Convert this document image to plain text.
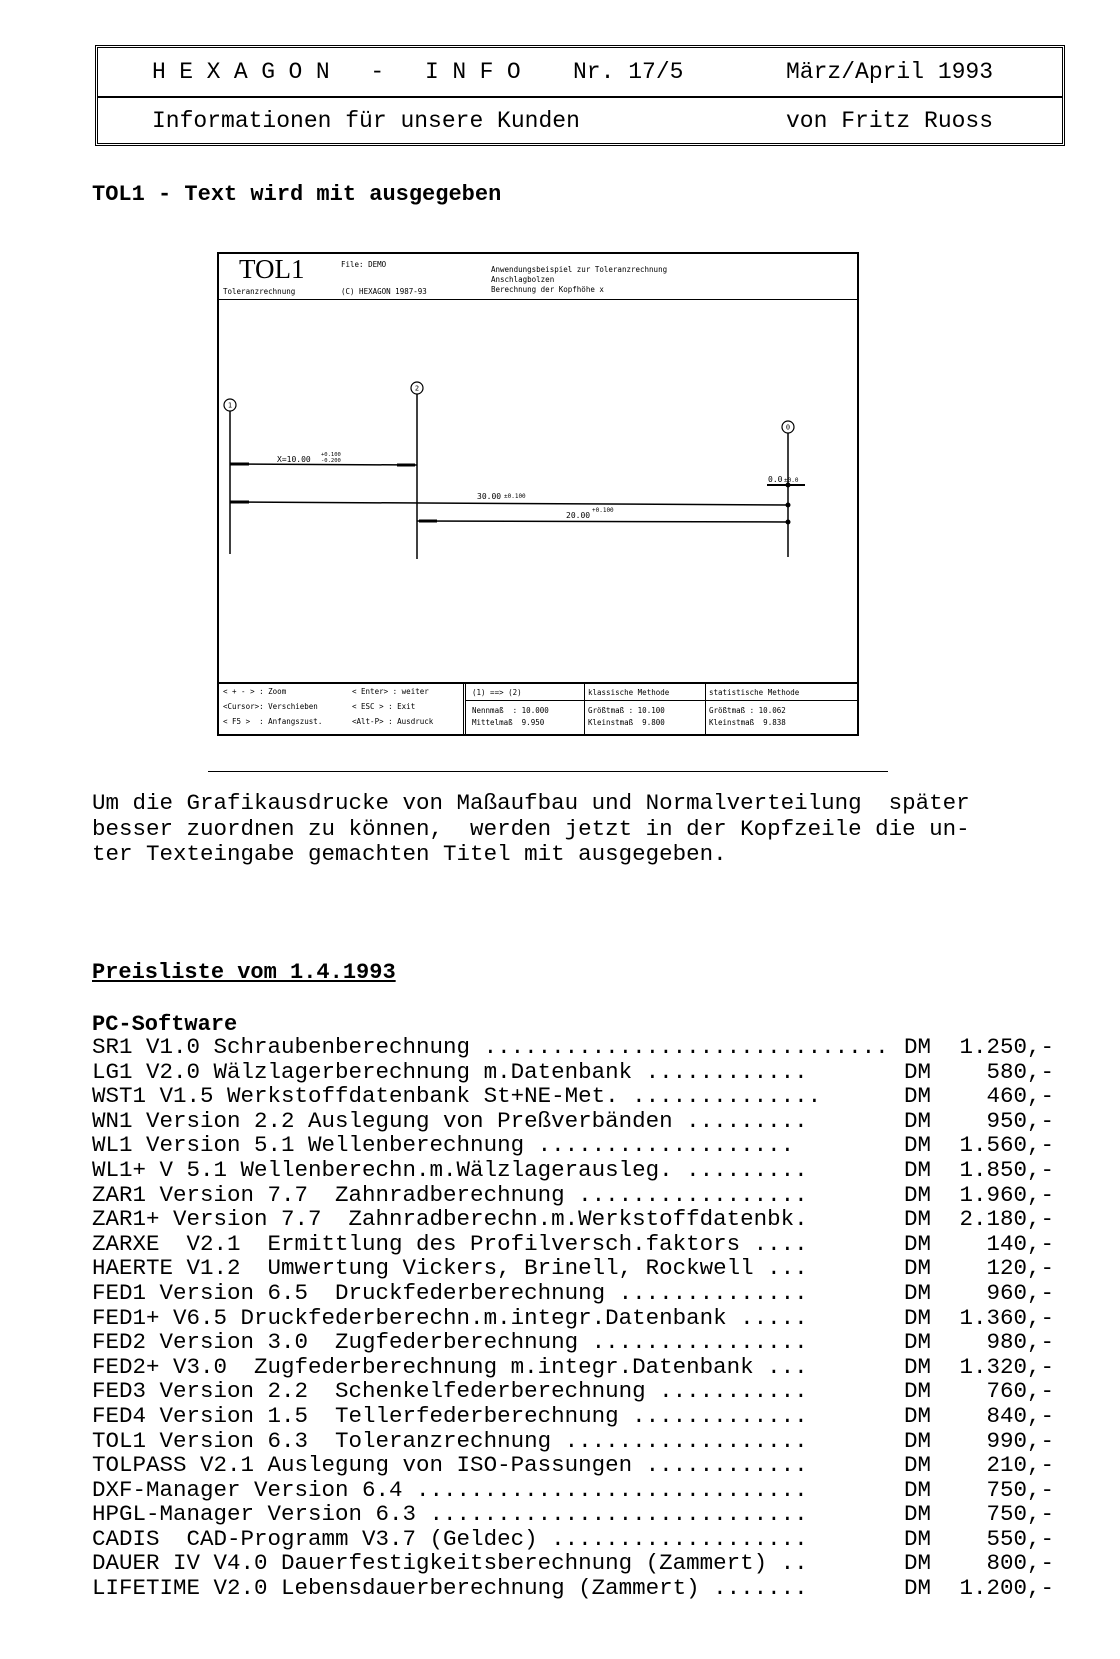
HEXAGON - INFO Nr. 17/5	März/April 1993
Informationen für unsere Kunden	von Fritz Ruoss
TOL1 - Text wird mit ausgegeben
TOL1
Toleranzrechnung
File: DEMO
(C) HEXAGON 1987-93
Anwendungsbeispiel zur Toleranzrechnung
Anschlagbolzen
Berechnung der Kopfhöhe x
1
2
0
X=10.00 +0.100
-0.200
30.00 ±0.100
20.00
+0.100
0.0 ±0.0
< + - > : Zoom	< Enter> : weiter
<Cursor>: Verschieben	< ESC > : Exit
< F5 >  : Anfangszust.	<Alt-P> : Ausdruck
(1) ==> (2)
Nennmaß  : 10.000
Mittelmaß  9.950
klassische Methode
Größtmaß : 10.100
Kleinstmaß  9.800
statistische Methode
Größtmaß : 10.062
Kleinstmaß  9.838
Um die Grafikausdrucke von Maßaufbau und Normalverteilung  später
besser zuordnen zu können,  werden jetzt in der Kopfzeile die un-
ter Texteingabe gemachten Titel mit ausgegeben.
Preisliste vom 1.4.1993
PC-Software
SR1 V1.0 Schraubenberechnung .............................. DM 1.250,-
LG1 V2.0 Wälzlagerberechnung m.Datenbank ............	DM	580,-
WST1 V1.5 Werkstoffdatenbank St+NE-Met. ..............	DM	460,-
WN1 Version 2.2 Auslegung von Preßverbänden .........	DM	950,-
WL1 Version 5.1 Wellenberechnung ...................	DM 1.560,-
WL1+ V 5.1 Wellenberechn.m.Wälzlagerausleg. .........	DM 1.850,-
ZAR1 Version 7.7  Zahnradberechnung .................	DM 1.960,-
ZAR1+ Version 7.7  Zahnradberechn.m.Werkstoffdatenbk.	DM 2.180,-
ZARXE  V2.1  Ermittlung des Profilversch.faktors ....	DM	140,-
HAERTE V1.2  Umwertung Vickers, Brinell, Rockwell ...	DM	120,-
FED1 Version 6.5  Druckfederberechnung ..............	DM	960,-
FED1+ V6.5 Druckfederberechn.m.integr.Datenbank .....	DM 1.360,-
FED2 Version 3.0  Zugfederberechnung ................	DM	980,-
FED2+ V3.0  Zugfederberechnung m.integr.Datenbank ...	DM 1.320,-
FED3 Version 2.2  Schenkelfederberechnung ...........	DM	760,-
FED4 Version 1.5  Tellerfederberechnung .............	DM	840,-
TOL1 Version 6.3  Toleranzrechnung ..................	DM	990,-
TOLPASS V2.1 Auslegung von ISO-Passungen ............	DM	210,-
DXF-Manager Version 6.4 .............................	DM	750,-
HPGL-Manager Version 6.3 ............................	DM	750,-
CADIS  CAD-Programm V3.7 (Geldec) ...................	DM	550,-
DAUER IV V4.0 Dauerfestigkeitsberechnung (Zammert) ..	DM	800,-
LIFETIME V2.0 Lebensdauerberechnung (Zammert) .......	DM 1.200,-
